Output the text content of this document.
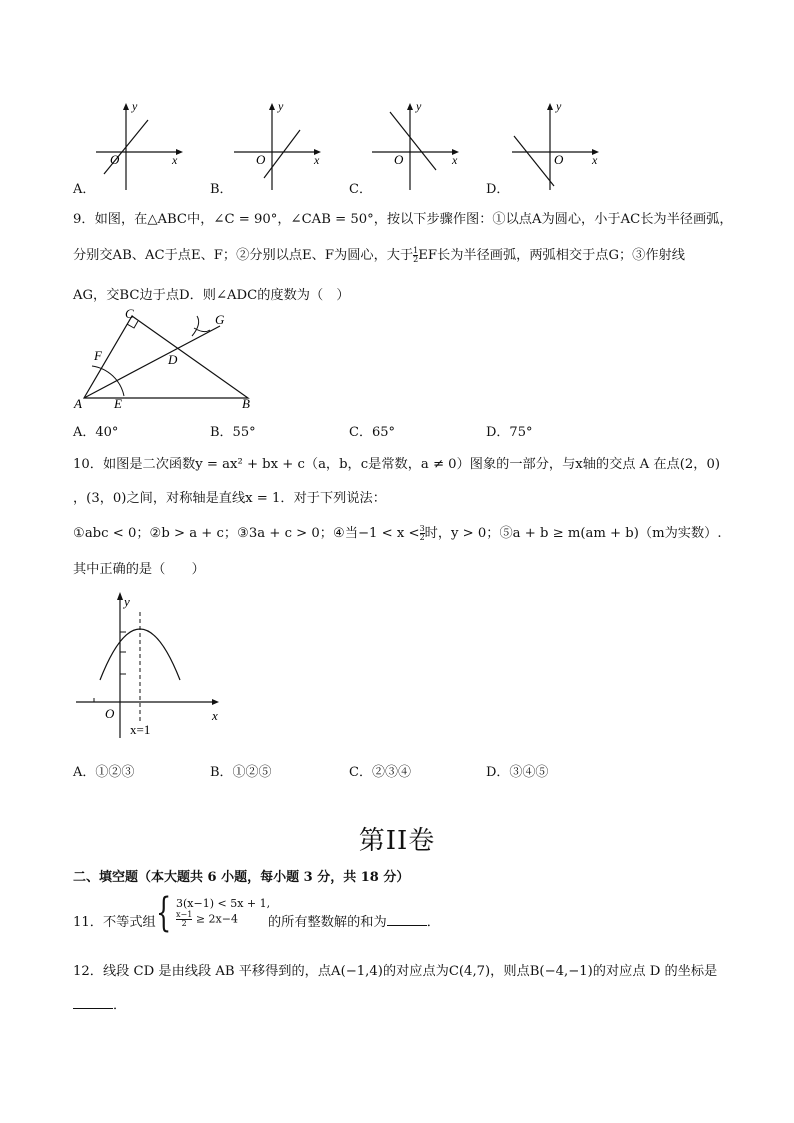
y
x
O
y
x
O
y
x
O
y
x
O
A．	B．	C．	D．
9．如图，在△ABC中，∠C = 90°，∠CAB = 50°，按以下步骤作图：①以点A为圆心，小于AC长为半径画弧，
分别交AB、AC于点E、F；②分别以点E、F为圆心，大于 $\frac{1}{2}$ EF长为半径画弧，两弧相交于点G；③作射线
AG，交BC边于点D．则∠ADC的度数为（　）
C	G
F	D
A E	B
A．40°	B．55°	C．65°	D．75°
10．如图是二次函数y = ax² + bx + c（a，b，c是常数，a ≠ 0）图象的一部分，与x轴的交点 A 在点(2，0)
，(3，0)之间，对称轴是直线x = 1．对于下列说法：
①abc < 0；②b > a + c；③3a + c > 0；④当$-1 < x < \frac{3}{2}$ 时，y > 0；⑤a + b ≥ m(am + b)（m为实数）.
其中正确的是（　　）
y
x
O
x=1
A．①②③	B．①②⑤	C．②③④	D．③④⑤
第II卷
二、填空题（本大题共 6 小题，每小题 3 分，共 18 分）
11．不等式组 { 3(x−1) < 5x + 1,
$\frac{x-1}{2} \ge 2x-4$ 的所有整数解的和为	．
12．线段 CD 是由线段 AB 平移得到的，点A(−1,4)的对应点为C(4,7)，则点B(−4,−1)的对应点 D 的坐标是
．
